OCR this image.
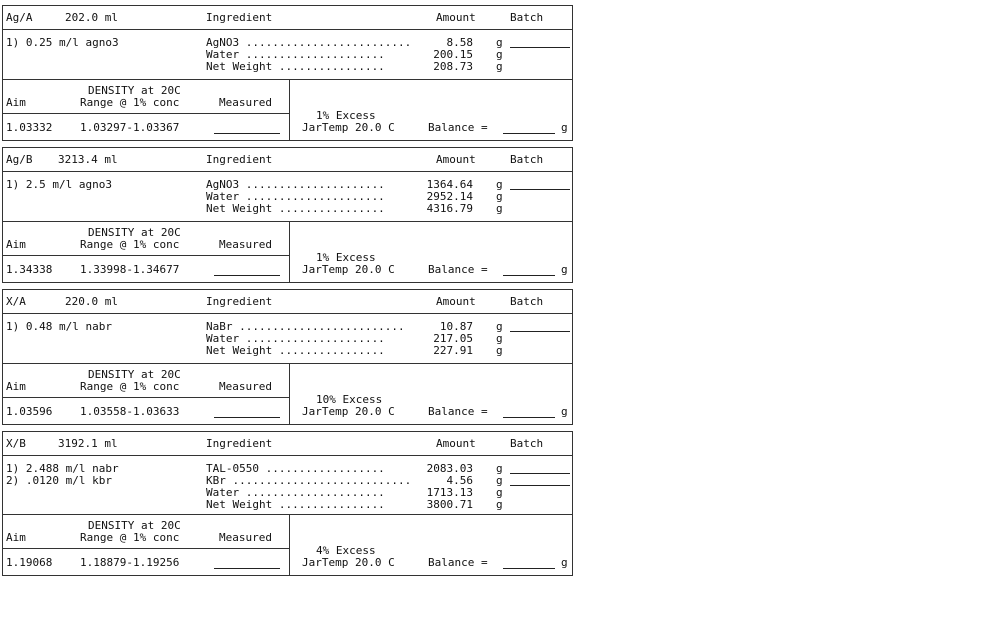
Ag/A	202.0 ml	Ingredient	Amount	Batch
1) 0.25 m/l agno3	AgNO3 .........................	8.58 g
Water .....................	200.15 g
Net Weight ................	208.73 g
DENSITY at 20C
Aim	Range @ 1% conc	Measured
1.03332	1.03297-1.03367
1% Excess
JarTemp 20.0 C	Balance =	g
Ag/B 3213.4 ml	Ingredient	Amount	Batch
1) 2.5 m/l agno3	AgNO3 .....................	1364.64 g
Water .....................	2952.14 g
Net Weight ................	4316.79 g
DENSITY at 20C
Aim	Range @ 1% conc	Measured
1.34338	1.33998-1.34677
1% Excess
JarTemp 20.0 C	Balance =	g
X/A	220.0 ml	Ingredient	Amount	Batch
1) 0.48 m/l nabr	NaBr .........................	10.87 g
Water .....................	217.05 g
Net Weight ................	227.91 g
DENSITY at 20C
Aim	Range @ 1% conc	Measured
1.03596	1.03558-1.03633
10% Excess
JarTemp 20.0 C	Balance =	g
X/B	3192.1 ml	Ingredient	Amount	Batch
1) 2.488 m/l nabr
2) .0120 m/l kbr
TAL-0550 ..................	2083.03 g
KBr ...........................	4.56 g
Water .....................	1713.13 g
Net Weight ................	3800.71 g
DENSITY at 20C
Aim	Range @ 1% conc	Measured
1.19068	1.18879-1.19256
4% Excess
JarTemp 20.0 C	Balance =	g
